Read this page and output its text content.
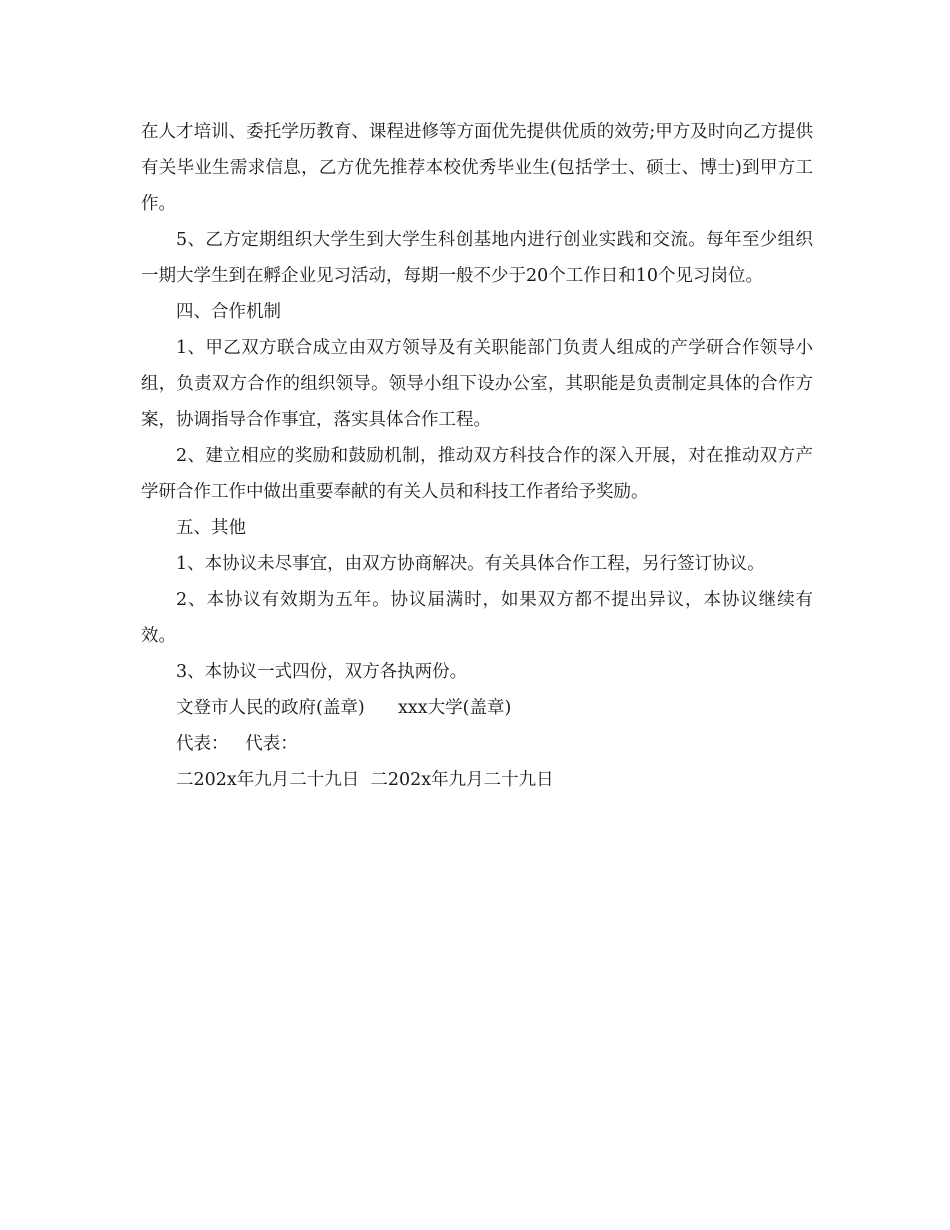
在人才培训、委托学历教育、课程进修等方面优先提供优质的效劳;甲方及时向乙方提供有关毕业生需求信息，乙方优先推荐本校优秀毕业生(包括学士、硕士、博士)到甲方工作。

5、乙方定期组织大学生到大学生科创基地内进行创业实践和交流。每年至少组织一期大学生到在孵企业见习活动，每期一般不少于20个工作日和10个见习岗位。

四、合作机制

1、甲乙双方联合成立由双方领导及有关职能部门负责人组成的产学研合作领导小组，负责双方合作的组织领导。领导小组下设办公室，其职能是负责制定具体的合作方案，协调指导合作事宜，落实具体合作工程。

2、建立相应的奖励和鼓励机制，推动双方科技合作的深入开展，对在推动双方产学研合作工作中做出重要奉献的有关人员和科技工作者给予奖励。

五、其他

1、本协议未尽事宜，由双方协商解决。有关具体合作工程，另行签订协议。

2、本协议有效期为五年。协议届满时，如果双方都不提出异议，本协议继续有效。

3、本协议一式四份，双方各执两份。

文登市人民的政府(盖章)      xxx大学(盖章)

代表：   代表：

二202x年九月二十九日  二202x年九月二十九日
